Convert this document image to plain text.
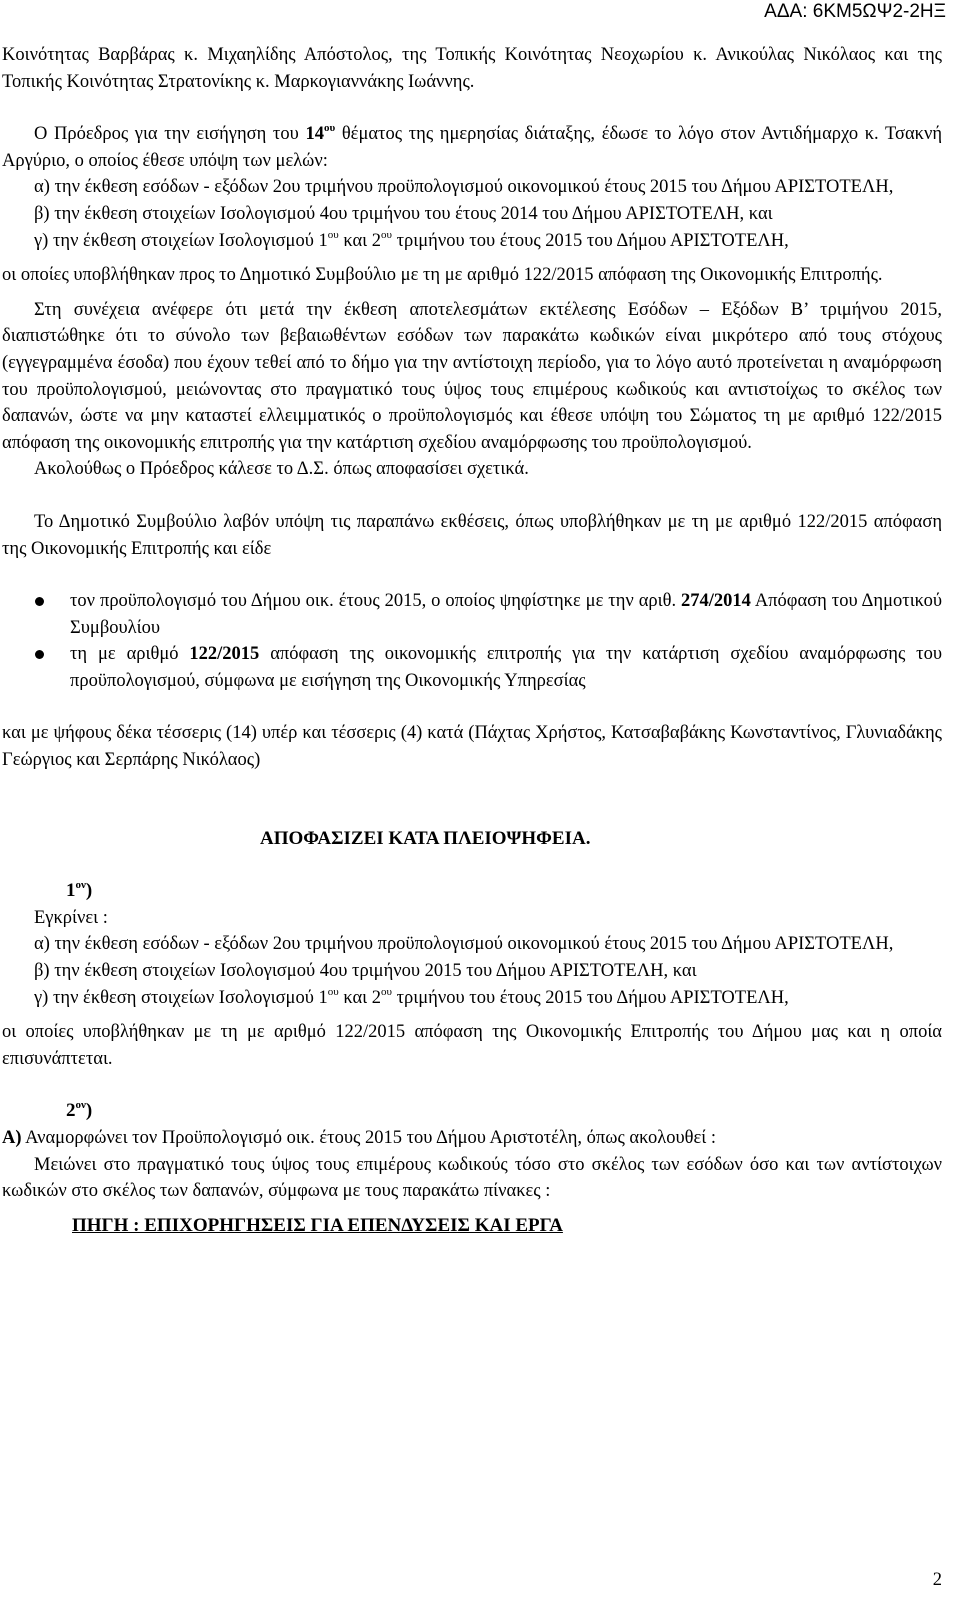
ΑΔΑ: 6ΚΜ5ΩΨ2-2ΗΞ

Κοινότητας Βαρβάρας κ. Μιχαηλίδης Απόστολος, της Τοπικής Κοινότητας Νεοχωρίου κ. Ανικούλας Νικόλαος και της Τοπικής Κοινότητας Στρατονίκης κ. Μαρκογιαννάκης Ιωάννης.

Ο Πρόεδρος για την εισήγηση του $14^{o\upsilon}$ θέματος της ημερησίας διάταξης, έδωσε το λόγο στον Αντιδήμαρχο κ. Τσακνή Αργύριο, ο οποίος έθεσε υπόψη των μελών:

α) την έκθεση εσόδων - εξόδων 2ου τριμήνου προϋπολογισμού οικονομικού έτους 2015 του Δήμου ΑΡΙΣΤΟΤΕΛΗ,

β) την έκθεση στοιχείων Ισολογισμού 4ου τριμήνου του έτους 2014 του Δήμου ΑΡΙΣΤΟΤΕΛΗ, και

γ) την έκθεση στοιχείων Ισολογισμού $1^{o\upsilon}$ και $2^{o\upsilon}$ τριμήνου του έτους 2015 του Δήμου ΑΡΙΣΤΟΤΕΛΗ,

οι οποίες υποβλήθηκαν προς το Δημοτικό Συμβούλιο με τη με αριθμό 122/2015 απόφαση της Οικονομικής Επιτροπής.

Στη συνέχεια ανέφερε ότι μετά την έκθεση αποτελεσμάτων εκτέλεσης Εσόδων – Εξόδων Β’ τριμήνου 2015, διαπιστώθηκε ότι το σύνολο των βεβαιωθέντων εσόδων των παρακάτω κωδικών είναι μικρότερο από τους στόχους (εγγεγραμμένα έσοδα) που έχουν τεθεί από το δήμο για την αντίστοιχη περίοδο, για το λόγο αυτό προτείνεται η αναμόρφωση του προϋπολογισμού, μειώνοντας στο πραγματικό τους ύψος τους επιμέρους κωδικούς και αντιστοίχως το σκέλος των δαπανών, ώστε να μην καταστεί ελλειμματικός ο προϋπολογισμός και έθεσε υπόψη του Σώματος τη με αριθμό 122/2015 απόφαση της οικονομικής επιτροπής για την κατάρτιση σχεδίου αναμόρφωσης του προϋπολογισμού.

Ακολούθως ο Πρόεδρος κάλεσε το Δ.Σ. όπως αποφασίσει σχετικά.

Το Δημοτικό Συμβούλιο λαβόν υπόψη τις παραπάνω εκθέσεις, όπως υποβλήθηκαν με τη με αριθμό 122/2015 απόφαση της Οικονομικής Επιτροπής και είδε

τον προϋπολογισμό του Δήμου οικ. έτους 2015, ο οποίος ψηφίστηκε με την αριθ. 274/2014 Απόφαση του Δημοτικού Συμβουλίου
τη με αριθμό 122/2015 απόφαση της οικονομικής επιτροπής για την κατάρτιση σχεδίου αναμόρφωσης του προϋπολογισμού, σύμφωνα με εισήγηση της Οικονομικής Υπηρεσίας

και με ψήφους δέκα τέσσερις (14) υπέρ και τέσσερις (4) κατά (Πάχτας Χρήστος, Κατσαβαβάκης Κωνσταντίνος, Γλυνιαδάκης Γεώργιος και Σερπάρης Νικόλαος)

ΑΠΟΦΑΣΙΖΕΙ ΚΑΤΑ ΠΛΕΙΟΨΗΦΕΙΑ.

$1^{o\nu}$)

Εγκρίνει :

α) την έκθεση εσόδων - εξόδων 2ου τριμήνου προϋπολογισμού οικονομικού έτους 2015 του Δήμου ΑΡΙΣΤΟΤΕΛΗ,

β) την έκθεση στοιχείων Ισολογισμού 4ου τριμήνου 2015 του Δήμου ΑΡΙΣΤΟΤΕΛΗ, και

γ) την έκθεση στοιχείων Ισολογισμού $1^{o\upsilon}$ και $2^{o\upsilon}$ τριμήνου του έτους 2015 του Δήμου ΑΡΙΣΤΟΤΕΛΗ,

οι οποίες υποβλήθηκαν με τη με αριθμό 122/2015 απόφαση της Οικονομικής Επιτροπής του Δήμου μας και η οποία επισυνάπτεται.

$2^{o\nu}$)

Α) Αναμορφώνει τον Προϋπολογισμό οικ. έτους 2015 του Δήμου Αριστοτέλη, όπως ακολουθεί :

Μειώνει στο πραγματικό τους ύψος τους επιμέρους κωδικούς τόσο στο σκέλος των εσόδων όσο και των αντίστοιχων κωδικών στο σκέλος των δαπανών, σύμφωνα με τους παρακάτω πίνακες :

ΠΗΓΗ : ΕΠΙΧΟΡΗΓΗΣΕΙΣ ΓΙΑ ΕΠΕΝΔΥΣΕΙΣ ΚΑΙ ΕΡΓΑ

2
